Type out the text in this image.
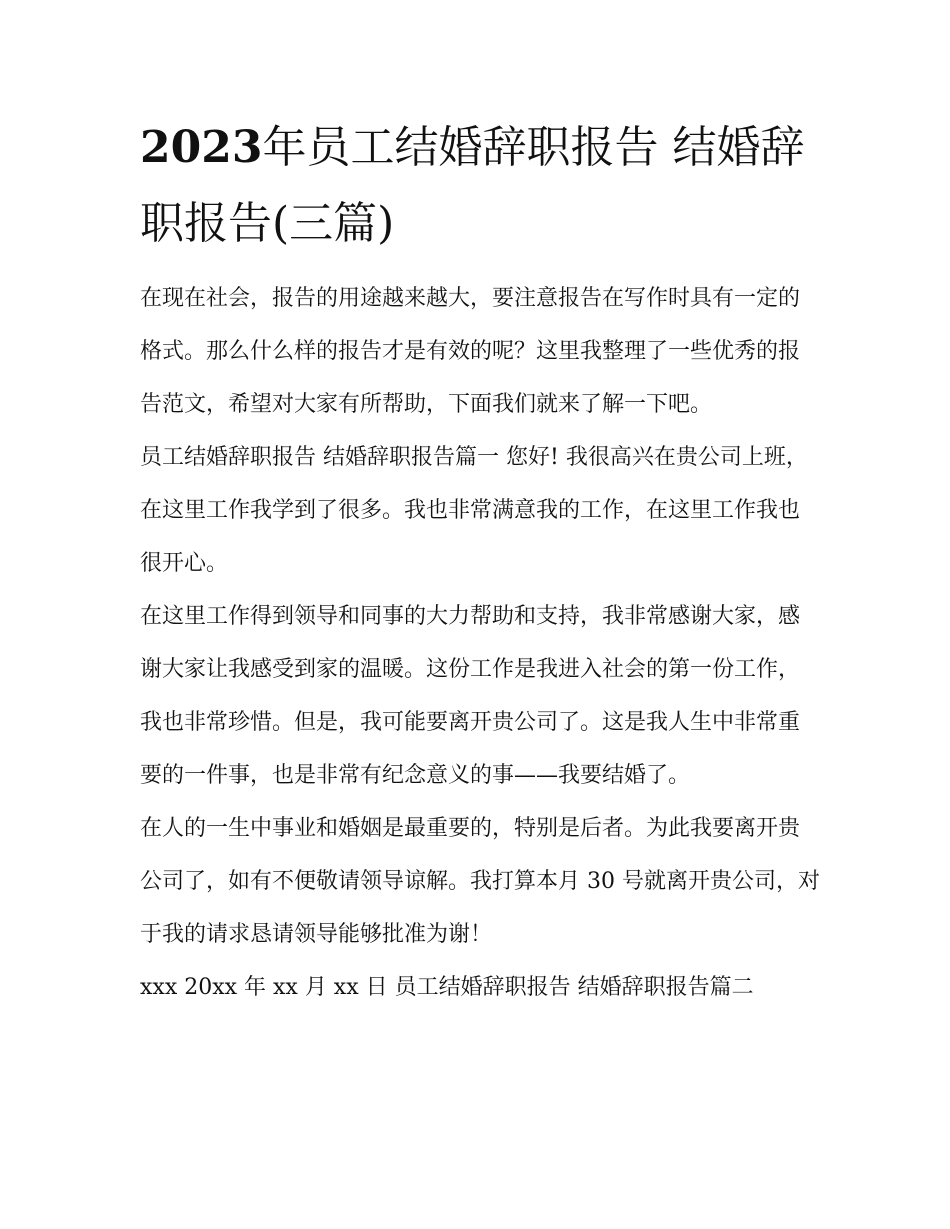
2023年员工结婚辞职报告 结婚辞职报告(三篇)

在现在社会，报告的用途越来越大，要注意报告在写作时具有一定的格式。那么什么样的报告才是有效的呢？这里我整理了一些优秀的报告范文，希望对大家有所帮助，下面我们就来了解一下吧。

员工结婚辞职报告 结婚辞职报告篇一 您好! 我很高兴在贵公司上班，在这里工作我学到了很多。我也非常满意我的工作，在这里工作我也很开心。

在这里工作得到领导和同事的大力帮助和支持，我非常感谢大家，感谢大家让我感受到家的温暖。这份工作是我进入社会的第一份工作，我也非常珍惜。但是，我可能要离开贵公司了。这是我人生中非常重要的一件事，也是非常有纪念意义的事——我要结婚了。

在人的一生中事业和婚姻是最重要的，特别是后者。为此我要离开贵公司了，如有不便敬请领导谅解。我打算本月 30 号就离开贵公司，对于我的请求恳请领导能够批准为谢！

xxx 20xx 年 xx 月 xx 日 员工结婚辞职报告 结婚辞职报告篇二
